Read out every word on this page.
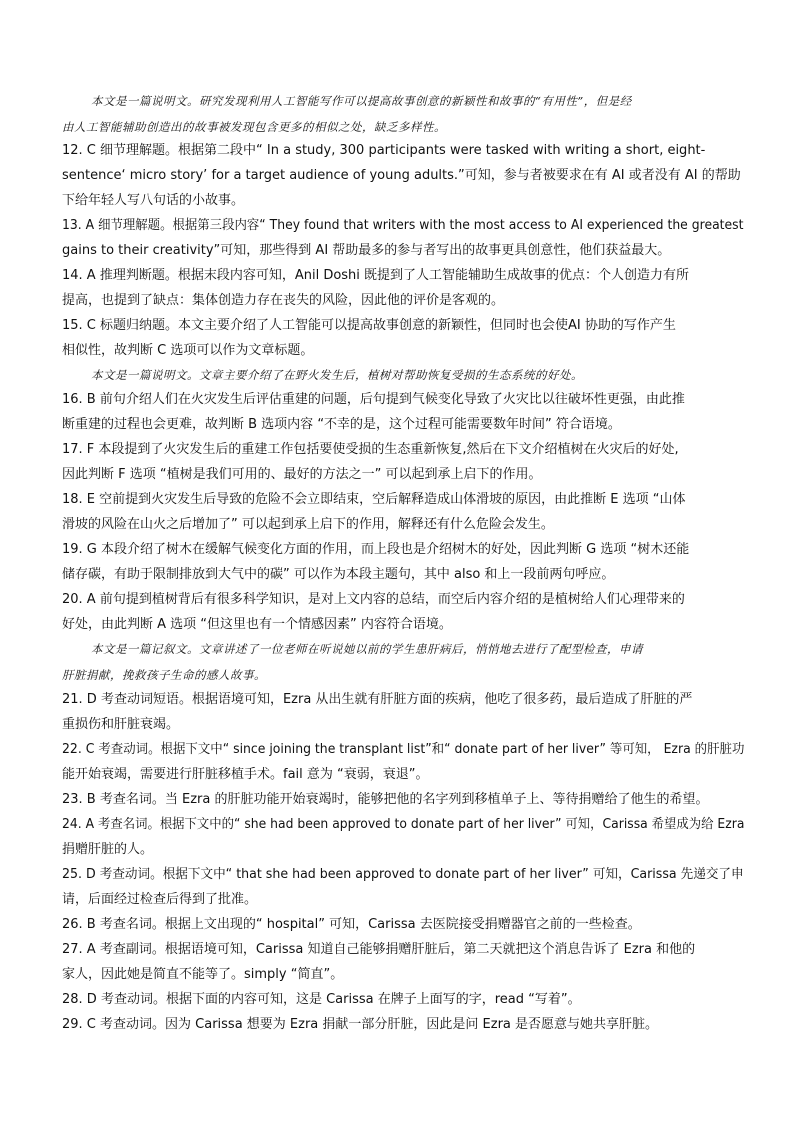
本文是一篇说明文。研究发现利用人工智能写作可以提高故事创意的新颖性和故事的“有用性”，但是经
由人工智能辅助创造出的故事被发现包含更多的相似之处，缺乏多样性。
12. C 细节理解题。根据第二段中“ In a study, 300 participants were tasked with writing a short, eight-
sentence‘ micro story’ for a target audience of young adults.”可知，参与者被要求在有 AI 或者没有 AI 的帮助
下给年轻人写八句话的小故事。
13. A 细节理解题。根据第三段内容“ They found that writers with the most access to AI experienced the greatest
gains to their creativity”可知，那些得到 AI 帮助最多的参与者写出的故事更具创意性，他们获益最大。
14. A 推理判断题。根据末段内容可知，Anil Doshi 既提到了人工智能辅助生成故事的优点：个人创造力有所
提高，也提到了缺点：集体创造力存在丧失的风险，因此他的评价是客观的。
15. C 标题归纳题。本文主要介绍了人工智能可以提高故事创意的新颖性，但同时也会使AI 协助的写作产生
相似性，故判断 C 选项可以作为文章标题。
本文是一篇说明文。文章主要介绍了在野火发生后，植树对帮助恢复受损的生态系统的好处。
16. B 前句介绍人们在火灾发生后评估重建的问题，后句提到气候变化导致了火灾比以往破坏性更强，由此推
断重建的过程也会更难，故判断 B 选项内容 “不幸的是，这个过程可能需要数年时间” 符合语境。
17. F 本段提到了火灾发生后的重建工作包括要使受损的生态重新恢复,然后在下文介绍植树在火灾后的好处,
因此判断 F 选项 “植树是我们可用的、最好的方法之一” 可以起到承上启下的作用。
18. E 空前提到火灾发生后导致的危险不会立即结束，空后解释造成山体滑坡的原因，由此推断 E 选项 “山体
滑坡的风险在山火之后增加了” 可以起到承上启下的作用，解释还有什么危险会发生。
19. G 本段介绍了树木在缓解气候变化方面的作用，而上段也是介绍树木的好处，因此判断 G 选项 “树木还能
储存碳，有助于限制排放到大气中的碳” 可以作为本段主题句，其中 also 和上一段前两句呼应。
20. A 前句提到植树背后有很多科学知识，是对上文内容的总结，而空后内容介绍的是植树给人们心理带来的
好处，由此判断 A 选项 “但这里也有一个情感因素” 内容符合语境。
本文是一篇记叙文。文章讲述了一位老师在听说她以前的学生患肝病后，悄悄地去进行了配型检查，申请
肝脏捐献，挽救孩子生命的感人故事。
21. D 考查动词短语。根据语境可知，Ezra 从出生就有肝脏方面的疾病，他吃了很多药，最后造成了肝脏的严
重损伤和肝脏衰竭。
22. C 考查动词。根据下文中“ since joining the transplant list”和“ donate part of her liver” 等可知， Ezra 的肝脏功
能开始衰竭，需要进行肝脏移植手术。fail 意为 “衰弱，衰退”。
23. B 考查名词。当 Ezra 的肝脏功能开始衰竭时，能够把他的名字列到移植单子上、等待捐赠给了他生的希望。
24. A 考查名词。根据下文中的“ she had been approved to donate part of her liver” 可知，Carissa 希望成为给 Ezra
捐赠肝脏的人。
25. D 考查动词。根据下文中“ that she had been approved to donate part of her liver” 可知，Carissa 先递交了申
请，后面经过检查后得到了批准。
26. B 考查名词。根据上文出现的“ hospital” 可知，Carissa 去医院接受捐赠器官之前的一些检查。
27. A 考查副词。根据语境可知，Carissa 知道自己能够捐赠肝脏后，第二天就把这个消息告诉了 Ezra 和他的
家人，因此她是简直不能等了。simply “简直”。
28. D 考查动词。根据下面的内容可知，这是 Carissa 在牌子上面写的字，read “写着”。
29. C 考查动词。因为 Carissa 想要为 Ezra 捐献一部分肝脏，因此是问 Ezra 是否愿意与她共享肝脏。
